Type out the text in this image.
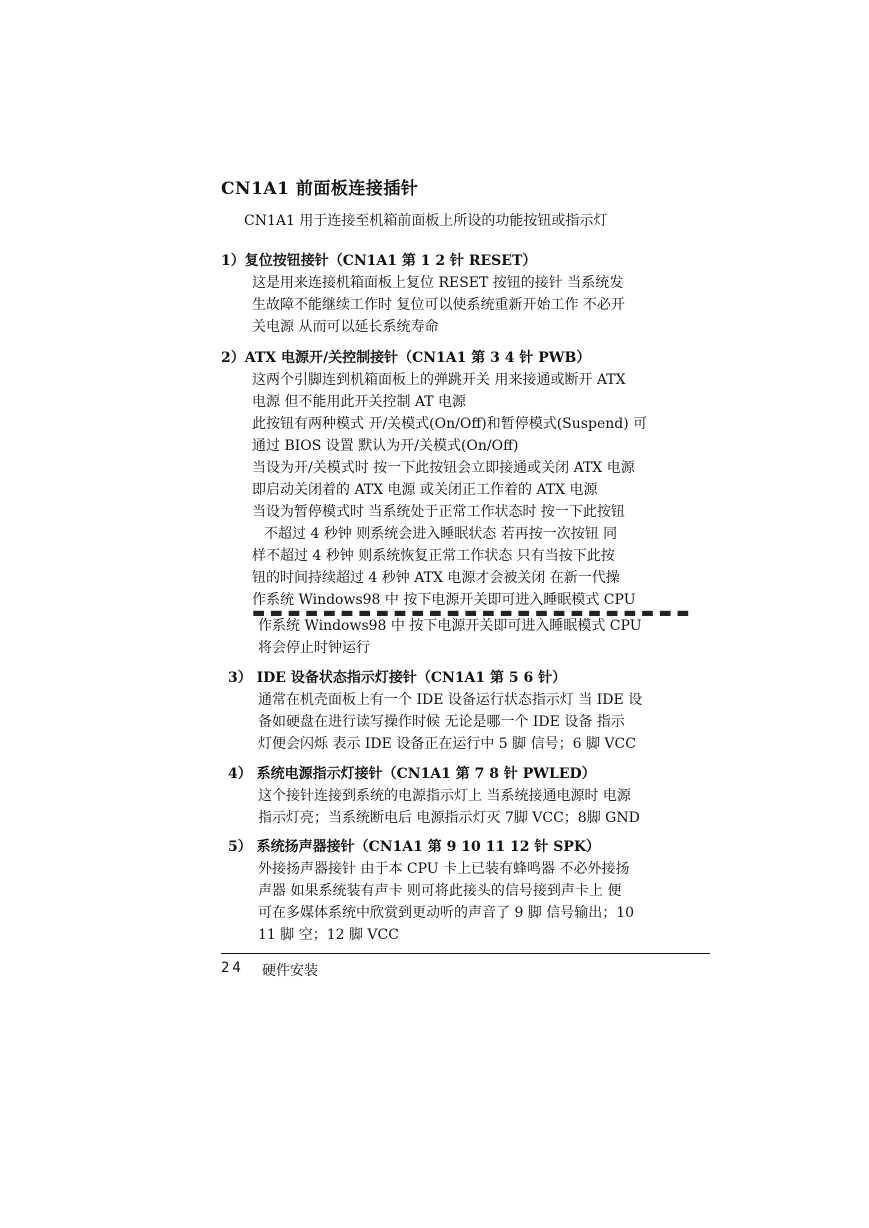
CN1A1 前面板连接插针
CN1A1 用于连接至机箱前面板上所设的功能按钮或指示灯
1）复位按钮接针（CN1A1 第 1 2 针 RESET）
这是用来连接机箱面板上复位 RESET 按钮的接针 当系统发
生故障不能继续工作时 复位可以使系统重新开始工作 不必开
关电源 从而可以延长系统寿命
2）ATX 电源开/关控制接针（CN1A1 第 3 4 针 PWB）
这两个引脚连到机箱面板上的弹跳开关 用来接通或断开 ATX
电源 但不能用此开关控制 AT 电源
此按钮有两种模式 开/关模式(On/Off)和暂停模式(Suspend) 可
通过 BIOS 设置 默认为开/关模式(On/Off)
当设为开/关模式时 按一下此按钮会立即接通或关闭 ATX 电源
即启动关闭着的 ATX 电源 或关闭正工作着的 ATX 电源
当设为暂停模式时 当系统处于正常工作状态时 按一下此按钮
不超过 4 秒钟 则系统会进入睡眠状态 若再按一次按钮 同
样不超过 4 秒钟 则系统恢复正常工作状态 只有当按下此按
钮的时间持续超过 4 秒钟 ATX 电源才会被关闭 在新一代操
作系统 Windows98 中 按下电源开关即可进入睡眠模式 CPU
▬ ▬ ▬ ▬ ▬ ▬ ▬ ▬ ▬ ▬ ▬ ▬ ▬ ▬ ▬ ▬ ▬ ▬ ▬ ▬ ▬ ▬ ▬ ▬ ▬
作系统 Windows98 中 按下电源开关即可进入睡眠模式 CPU
将会停止时钟运行
3） IDE 设备状态指示灯接针（CN1A1 第 5 6 针）
通常在机壳面板上有一个 IDE 设备运行状态指示灯 当 IDE 设
备如硬盘在进行读写操作时候 无论是哪一个 IDE 设备 指示
灯便会闪烁 表示 IDE 设备正在运行中 5 脚 信号；6 脚 VCC
4） 系统电源指示灯接针（CN1A1 第 7 8 针 PWLED）
这个接针连接到系统的电源指示灯上 当系统接通电源时 电源
指示灯亮；当系统断电后 电源指示灯灭 7脚 VCC；8脚 GND
5） 系统扬声器接针（CN1A1 第 9 10 11 12 针 SPK）
外接扬声器接针 由于本 CPU 卡上已装有蜂鸣器 不必外接扬
声器 如果系统装有声卡 则可将此接头的信号接到声卡上 便
可在多媒体系统中欣赏到更动听的声音了 9 脚 信号输出；10
11 脚 空；12 脚 VCC
24 硬件安装
